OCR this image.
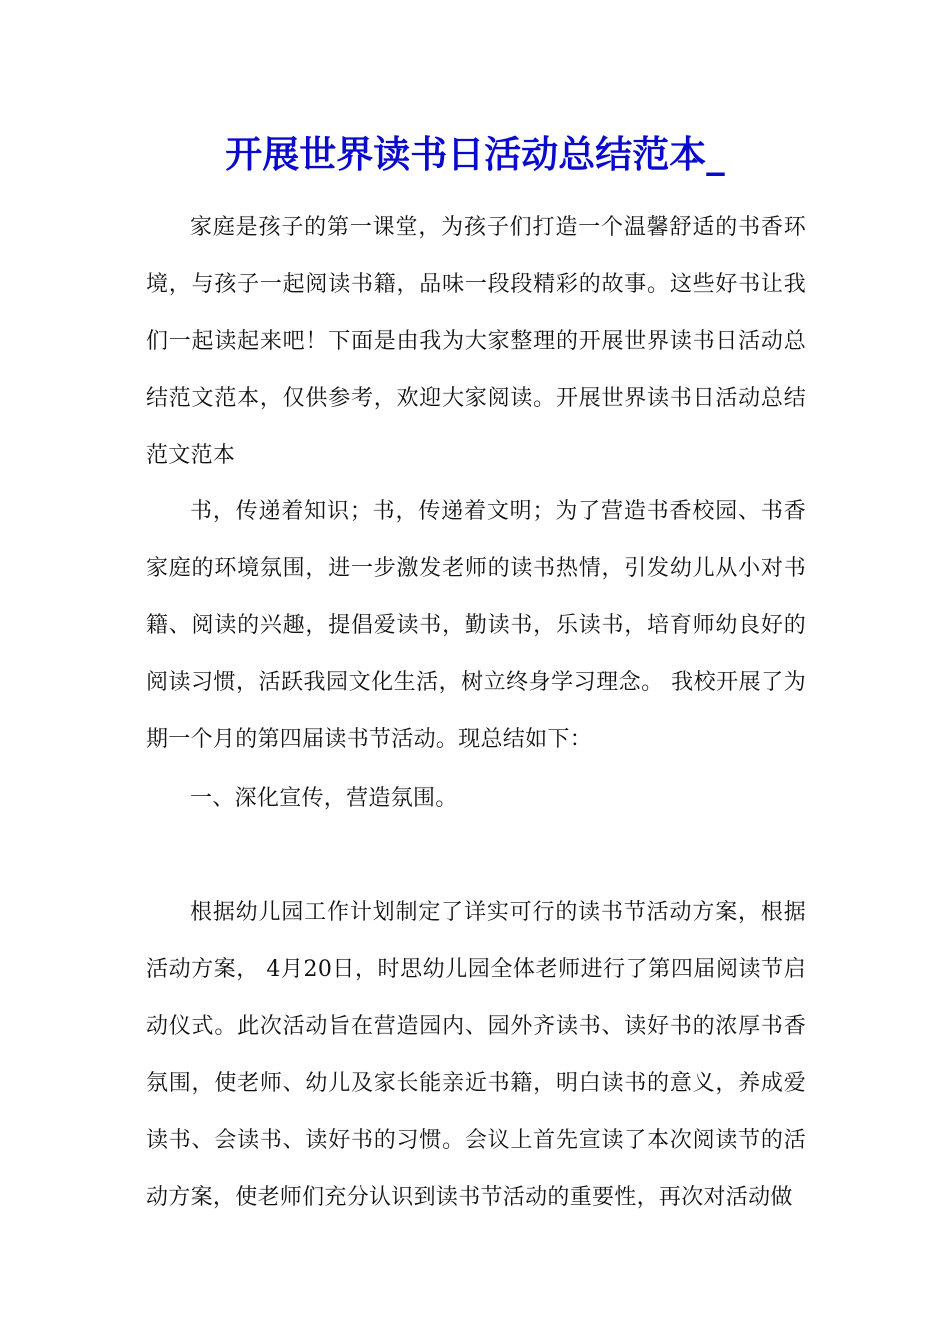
开展世界读书日活动总结范本_

家庭是孩子的第一课堂，为孩子们打造一个温馨舒适的书香环境，与孩子一起阅读书籍，品味一段段精彩的故事。这些好书让我们一起读起来吧！下面是由我为大家整理的开展世界读书日活动总结范文范本，仅供参考，欢迎大家阅读。开展世界读书日活动总结范文范本

书，传递着知识；书，传递着文明；为了营造书香校园、书香家庭的环境氛围，进一步激发老师的读书热情，引发幼儿从小对书籍、阅读的兴趣，提倡爱读书，勤读书，乐读书，培育师幼良好的阅读习惯，活跃我园文化生活，树立终身学习理念。 我校开展了为期一个月的第四届读书节活动。现总结如下：

一、深化宣传，营造氛围。

根据幼儿园工作计划制定了详实可行的读书节活动方案，根据活动方案， 4月20日，时思幼儿园全体老师进行了第四届阅读节启动仪式。此次活动旨在营造园内、园外齐读书、读好书的浓厚书香氛围，使老师、幼儿及家长能亲近书籍，明白读书的意义，养成爱读书、会读书、读好书的习惯。会议上首先宣读了本次阅读节的活动方案，使老师们充分认识到读书节活动的重要性，再次对活动做
